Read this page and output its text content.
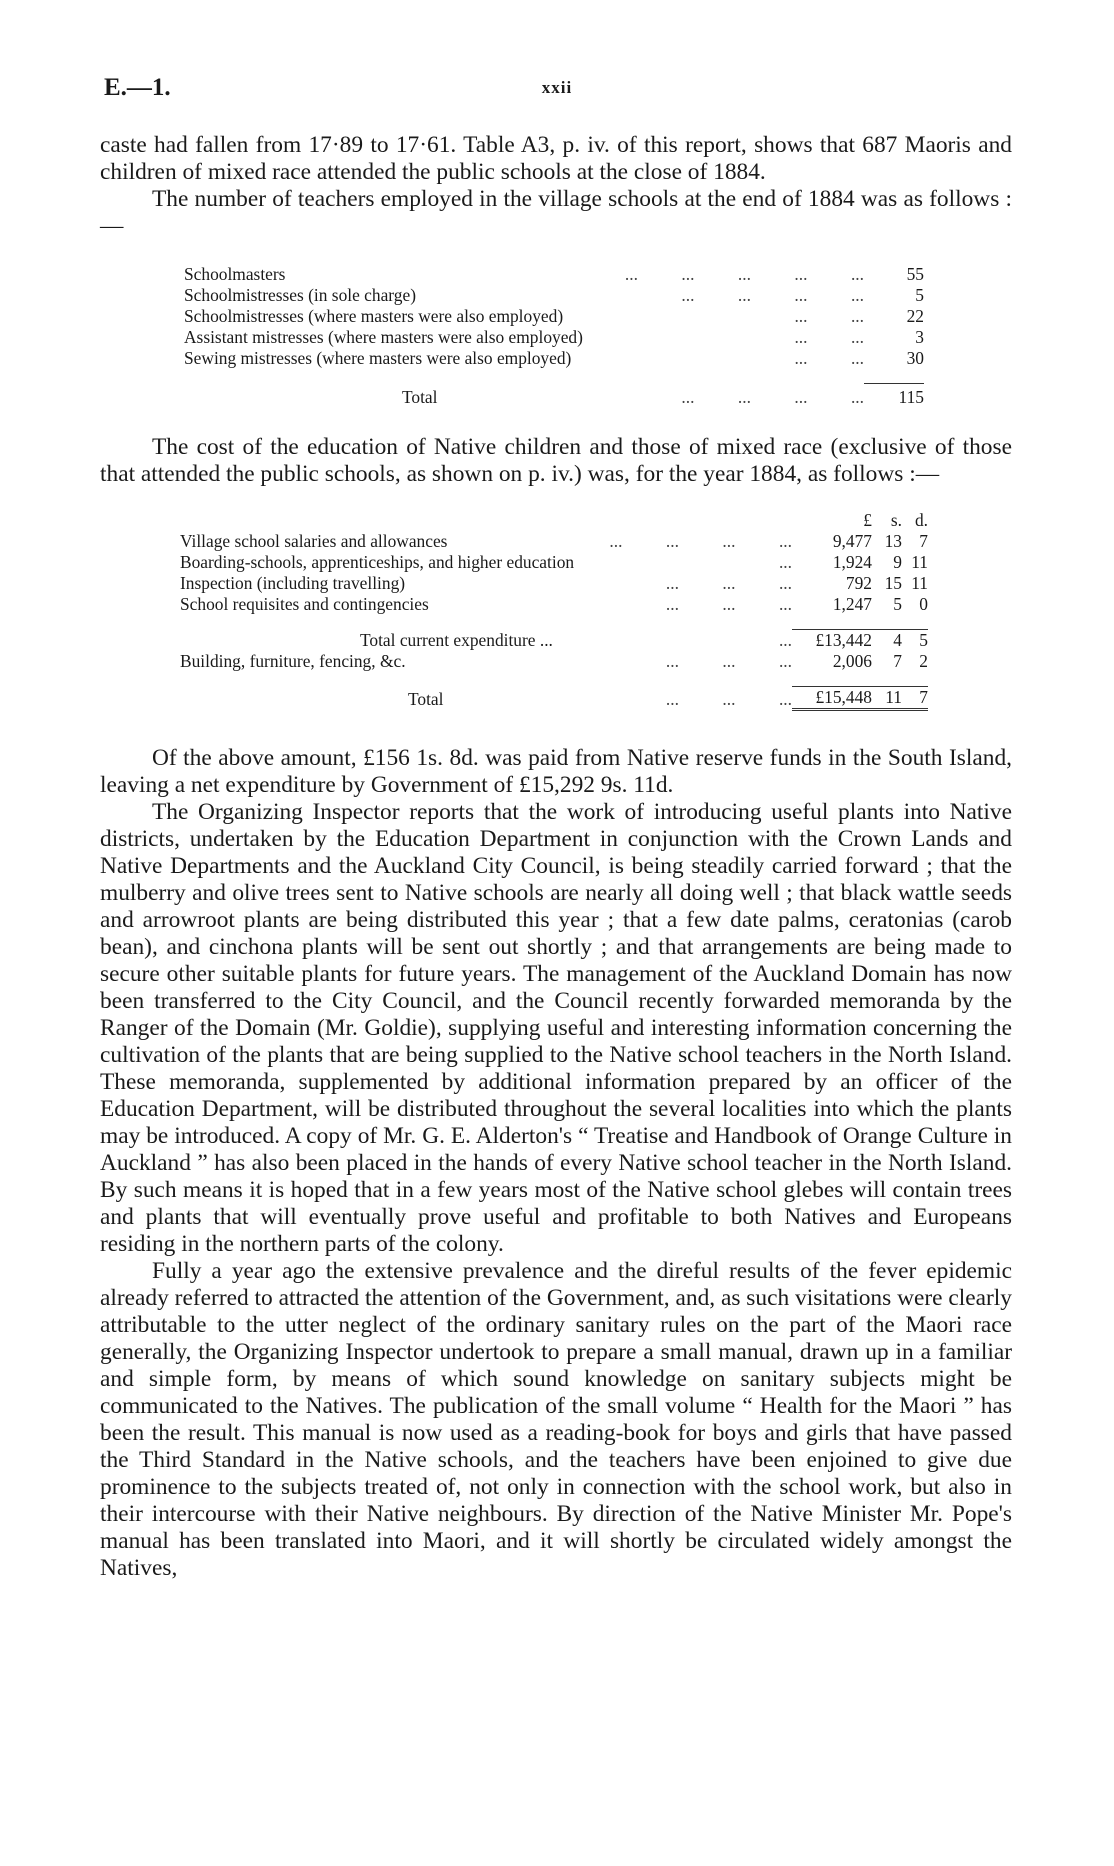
E.—1.	xxii

caste had fallen from 17·89 to 17·61. Table A3, p. iv. of this report, shows that 687 Maoris and children of mixed race attended the public schools at the close of 1884.

The number of teachers employed in the village schools at the end of 1884 was as follows :—

Schoolmasters	...          ...          ...          ...          ...	55
Schoolmistresses (in sole charge)	...          ...          ...          ...	5
Schoolmistresses (where masters were also employed)	...          ...	22
Assistant mistresses (where masters were also employed)	...          ...	3
Sewing mistresses (where masters were also employed)	...          ...	30

Total	...          ...          ...          ...	115

The cost of the education of Native children and those of mixed race (exclusive of those that attended the public schools, as shown on p. iv.) was, for the year 1884, as follows :—

		£	s.	d.
Village school salaries and allowances	...          ...          ...          ...	9,477	13	7
Boarding-schools, apprenticeships, and higher education	...	1,924	9	11
Inspection (including travelling)	...          ...          ...	792	15	11
School requisites and contingencies	...          ...          ...	1,247	5	0

Total current expenditure ...	...	£13,442	4	5
Building, furniture, fencing, &c.	...          ...          ...	2,006	7	2

Total	...          ...          ...	£15,448	11	7

Of the above amount, £156 1s. 8d. was paid from Native reserve funds in the South Island, leaving a net expenditure by Government of £15,292 9s. 11d.

The Organizing Inspector reports that the work of introducing useful plants into Native districts, undertaken by the Education Department in conjunction with the Crown Lands and Native Departments and the Auckland City Council, is being steadily carried forward ; that the mulberry and olive trees sent to Native schools are nearly all doing well ; that black wattle seeds and arrowroot plants are being distributed this year ; that a few date palms, ceratonias (carob bean), and cinchona plants will be sent out shortly ; and that arrangements are being made to secure other suitable plants for future years. The management of the Auckland Domain has now been transferred to the City Council, and the Council recently forwarded memoranda by the Ranger of the Domain (Mr. Goldie), supplying useful and interesting information concerning the cultivation of the plants that are being supplied to the Native school teachers in the North Island. These memoranda, supplemented by additional information prepared by an officer of the Education Department, will be distributed throughout the several localities into which the plants may be introduced. A copy of Mr. G. E. Alderton's “ Treatise and Handbook of Orange Culture in Auckland ” has also been placed in the hands of every Native school teacher in the North Island. By such means it is hoped that in a few years most of the Native school glebes will contain trees and plants that will eventually prove useful and profitable to both Natives and Europeans residing in the northern parts of the colony.

Fully a year ago the extensive prevalence and the direful results of the fever epidemic already referred to attracted the attention of the Government, and, as such visitations were clearly attributable to the utter neglect of the ordinary sanitary rules on the part of the Maori race generally, the Organizing Inspector undertook to prepare a small manual, drawn up in a familiar and simple form, by means of which sound knowledge on sanitary subjects might be communicated to the Natives. The publication of the small volume “ Health for the Maori ” has been the result. This manual is now used as a reading-book for boys and girls that have passed the Third Standard in the Native schools, and the teachers have been enjoined to give due prominence to the subjects treated of, not only in connection with the school work, but also in their intercourse with their Native neighbours. By direction of the Native Minister Mr. Pope's manual has been translated into Maori, and it will shortly be circulated widely amongst the Natives,
